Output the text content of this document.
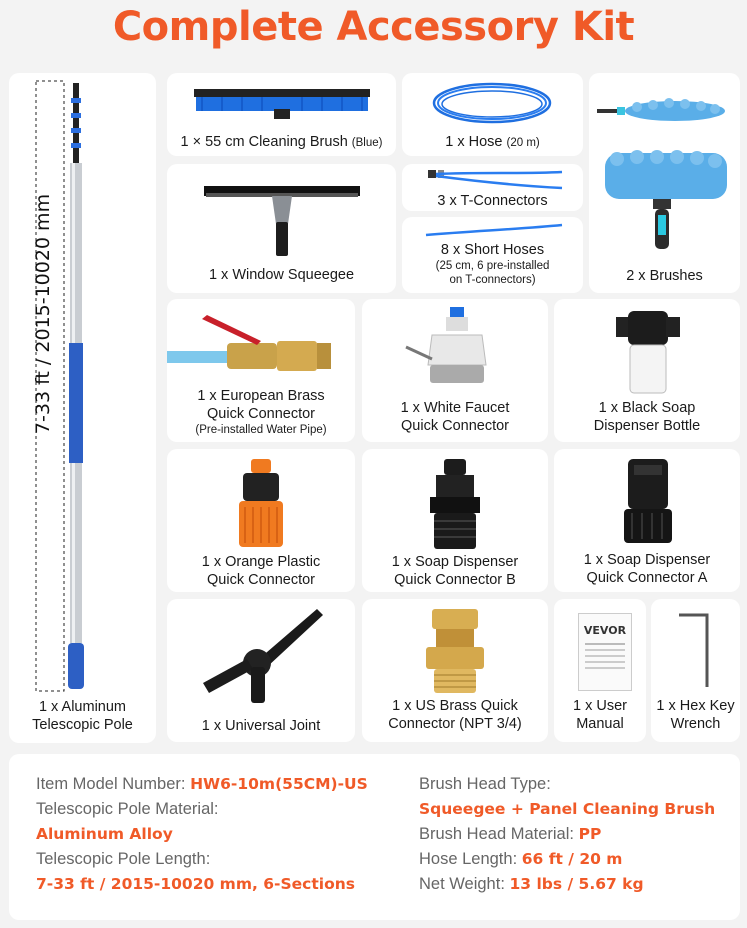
Complete Accessory Kit
7-33 ft / 2015-10020 mm
1 x Aluminum
Telescopic Pole
1 × 55 cm Cleaning Brush (Blue)	1 x Hose (20 m)
2 x Brushes
1 x Window Squeegee
3 x T-Connectors
8 x Short Hoses
(25 cm, 6 pre-installed
on T-connectors)
1 x European Brass
Quick Connector
(Pre-installed Water Pipe)
1 x White Faucet
Quick Connector
1 x Black Soap
Dispenser Bottle
1 x Orange Plastic
Quick Connector
1 x Soap Dispenser
Quick Connector B
1 x Soap Dispenser
Quick Connector A
1 x Universal Joint
1 x US Brass Quick
Connector (NPT 3/4)
VEVOR
1 x User
Manual
1 x Hex Key
Wrench
Item Model Number: HW6-10m(55CM)-US
Telescopic Pole Material:
Aluminum Alloy
Telescopic Pole Length:
7-33 ft / 2015-10020 mm, 6-Sections
Brush Head Type:
Squeegee + Panel Cleaning Brush
Brush Head Material: PP
Hose Length: 66 ft / 20 m
Net Weight: 13 lbs / 5.67 kg
